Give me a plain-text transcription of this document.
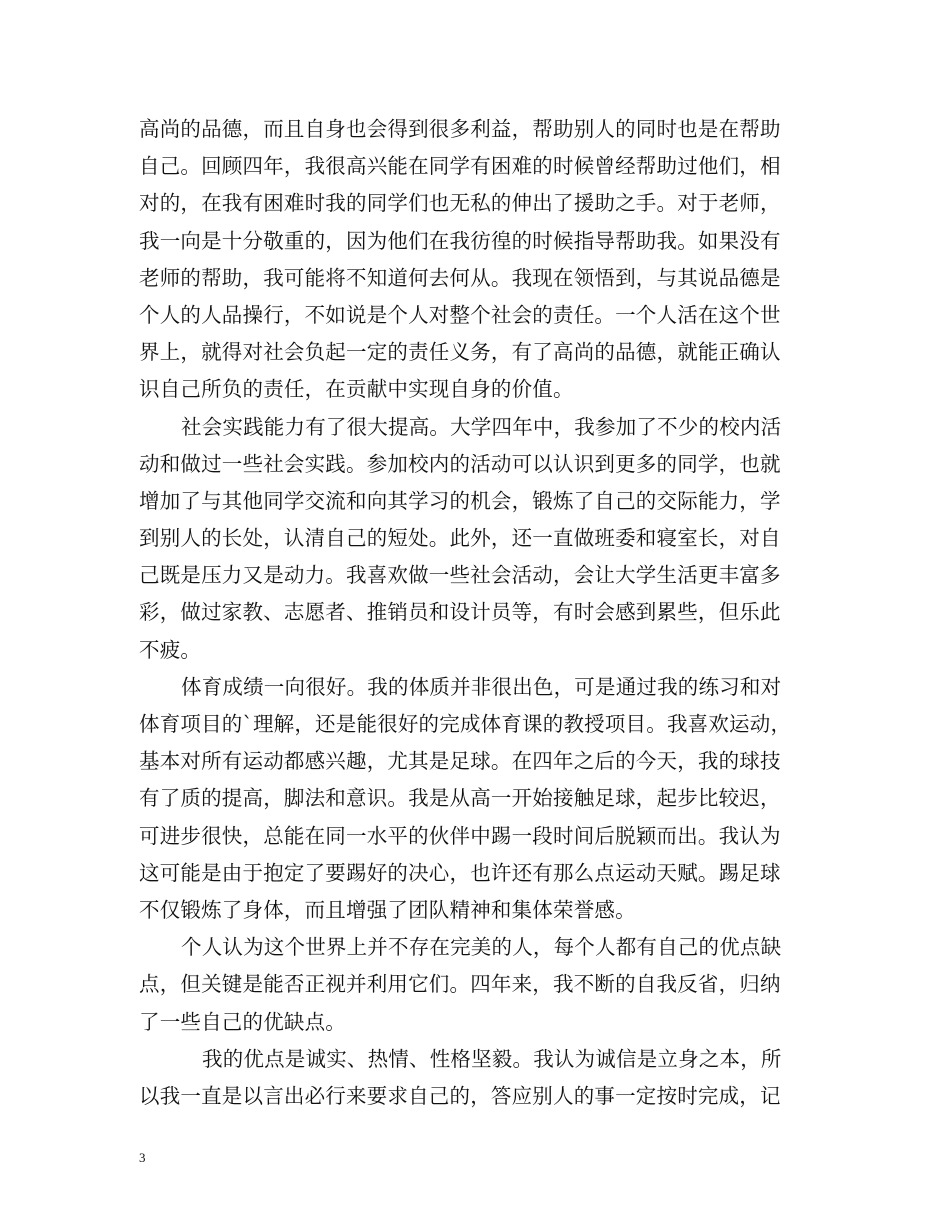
高尚的品德，而且自身也会得到很多利益，帮助别人的同时也是在帮助
自己。回顾四年，我很高兴能在同学有困难的时候曾经帮助过他们，相
对的，在我有困难时我的同学们也无私的伸出了援助之手。对于老师，
我一向是十分敬重的，因为他们在我彷徨的时候指导帮助我。如果没有
老师的帮助，我可能将不知道何去何从。我现在领悟到，与其说品德是
个人的人品操行，不如说是个人对整个社会的责任。一个人活在这个世
界上，就得对社会负起一定的责任义务，有了高尚的品德，就能正确认
识自己所负的责任，在贡献中实现自身的价值。
社会实践能力有了很大提高。大学四年中，我参加了不少的校内活
动和做过一些社会实践。参加校内的活动可以认识到更多的同学，也就
增加了与其他同学交流和向其学习的机会，锻炼了自己的交际能力，学
到别人的长处，认清自己的短处。此外，还一直做班委和寝室长，对自
己既是压力又是动力。我喜欢做一些社会活动，会让大学生活更丰富多
彩，做过家教、志愿者、推销员和设计员等，有时会感到累些，但乐此
不疲。
体育成绩一向很好。我的体质并非很出色，可是通过我的练习和对
体育项目的`理解，还是能很好的完成体育课的教授项目。我喜欢运动，
基本对所有运动都感兴趣，尤其是足球。在四年之后的今天，我的球技
有了质的提高，脚法和意识。我是从高一开始接触足球，起步比较迟，
可进步很快，总能在同一水平的伙伴中踢一段时间后脱颖而出。我认为
这可能是由于抱定了要踢好的决心，也许还有那么点运动天赋。踢足球
不仅锻炼了身体，而且增强了团队精神和集体荣誉感。
个人认为这个世界上并不存在完美的人，每个人都有自己的优点缺
点，但关键是能否正视并利用它们。四年来，我不断的自我反省，归纳
了一些自己的优缺点。
我的优点是诚实、热情、性格坚毅。我认为诚信是立身之本，所
以我一直是以言出必行来要求自己的，答应别人的事一定按时完成，记
3
